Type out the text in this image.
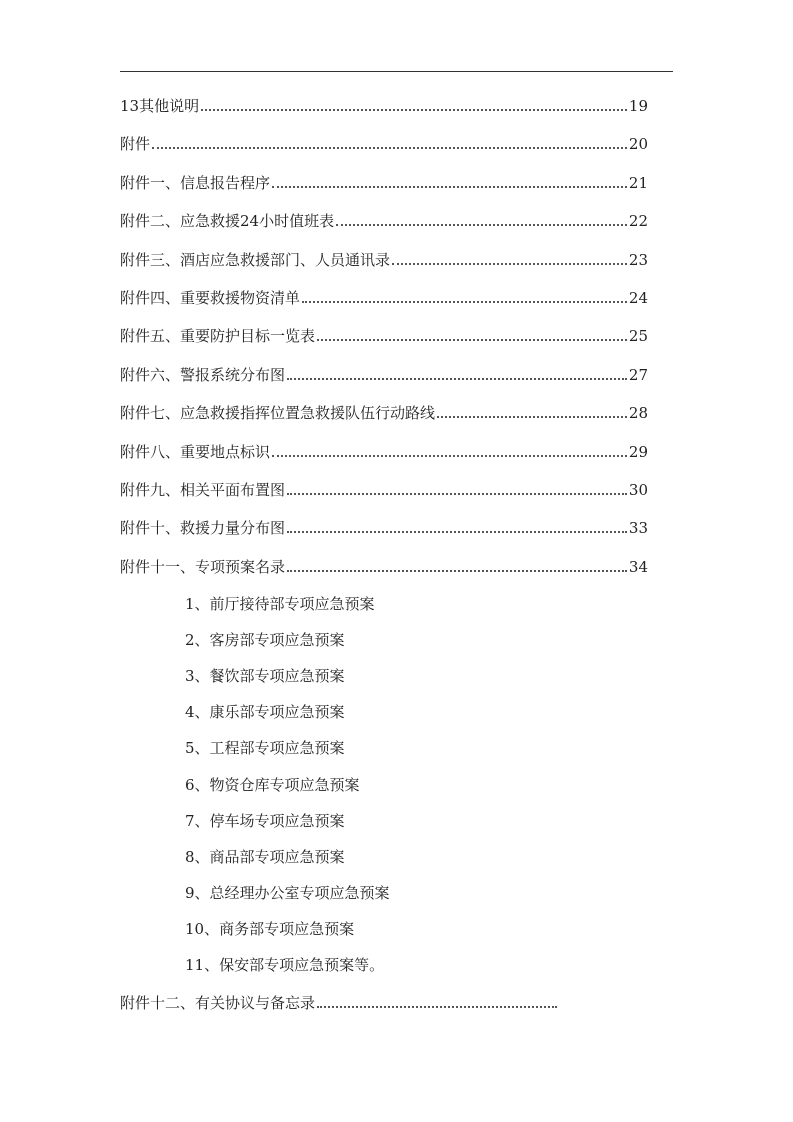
13其他说明	19
附件	20
附件一、信息报告程序	21
附件二、应急救援24小时值班表	22
附件三、酒店应急救援部门、人员通讯录	23
附件四、重要救援物资清单	24
附件五、重要防护目标一览表	25
附件六、警报系统分布图	27
附件七、应急救援指挥位置急救援队伍行动路线	28
附件八、重要地点标识	29
附件九、相关平面布置图	30
附件十、救援力量分布图	33
附件十一、专项预案名录	34
1、前厅接待部专项应急预案
2、客房部专项应急预案
3、餐饮部专项应急预案
4、康乐部专项应急预案
5、工程部专项应急预案
6、物资仓库专项应急预案
7、停车场专项应急预案
8、商品部专项应急预案
9、总经理办公室专项应急预案
10、商务部专项应急预案
11、保安部专项应急预案等。
附件十二、有关协议与备忘录
